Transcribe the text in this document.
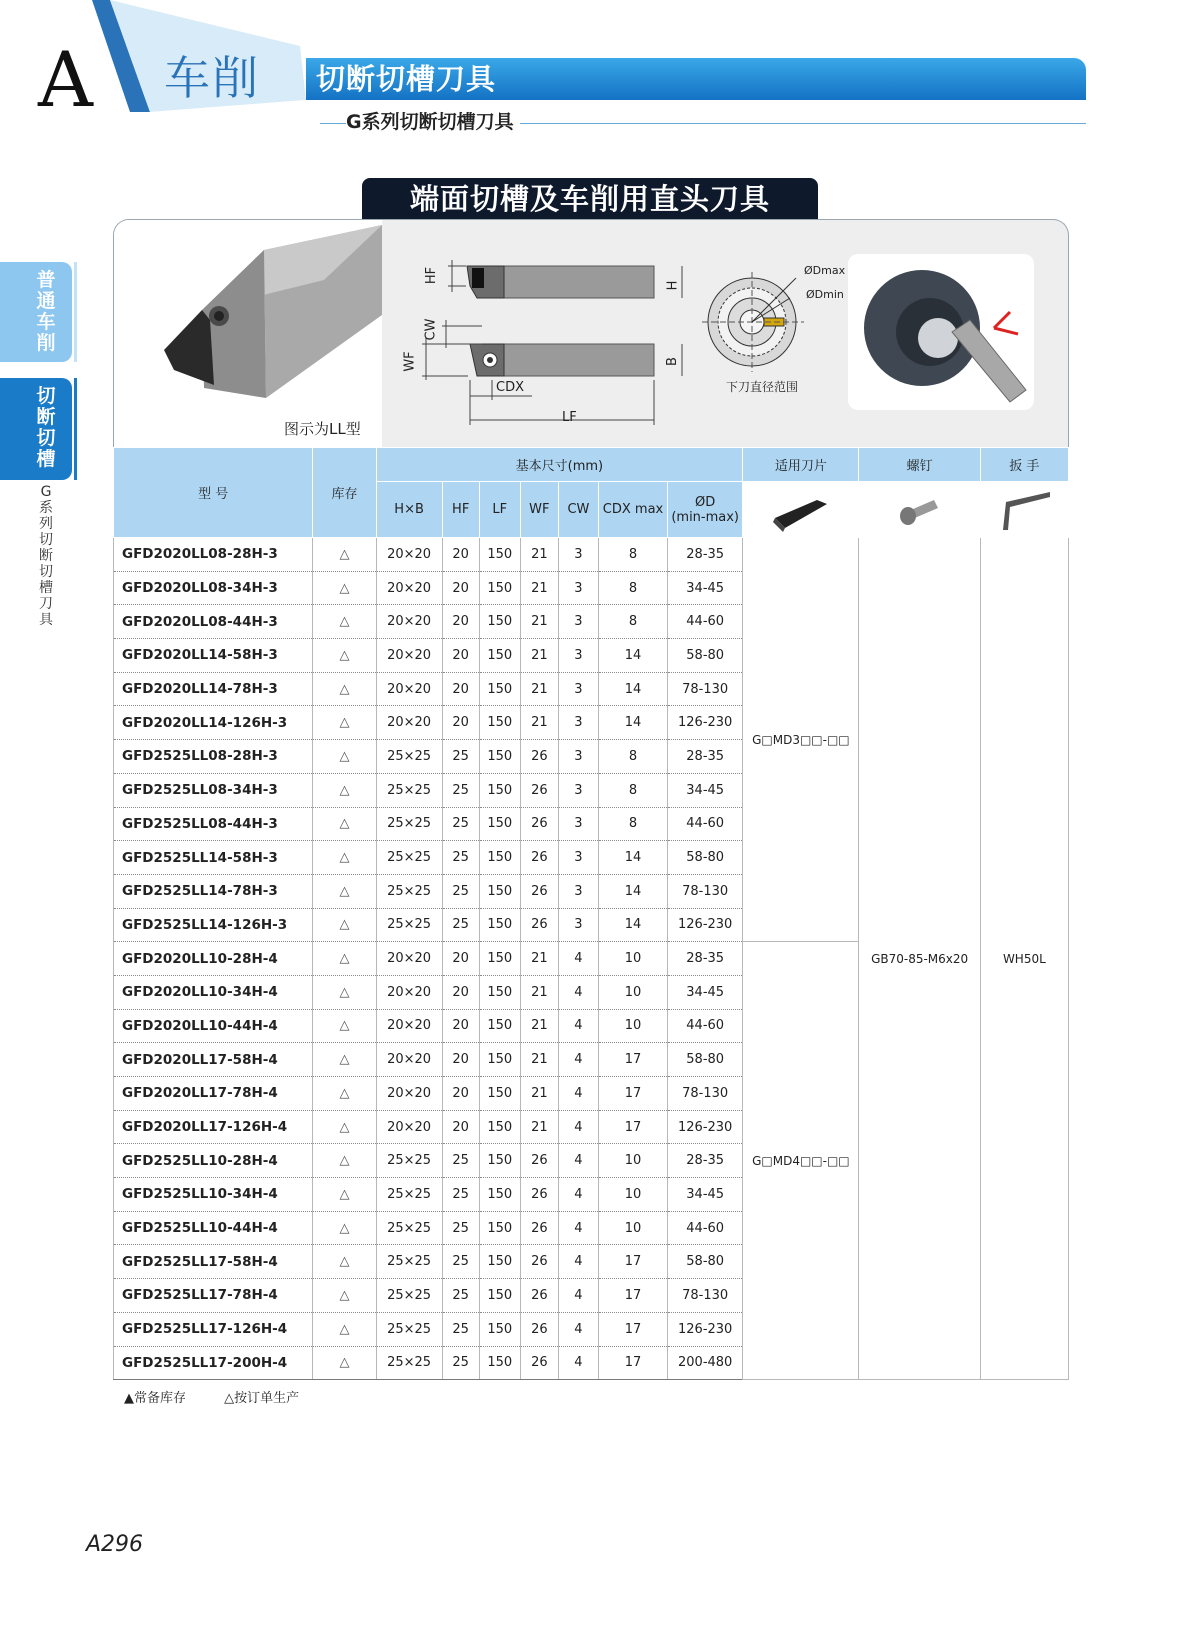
A 车削 切断切槽刀具
G系列切断切槽刀具
普通车削
切断切槽
G系列切断切槽刀具
端面切槽及车削用直头刀具
图示为LL型
HF
H
CW
WF	B
CDX
LF
ØDmax
ØDmin
下刀直径范围
型 号	库存	基本尺寸(mm)							适用刀片	螺钉	扳 手
		H×B	HF	LF	WF	CW	CDX max	ØD
(min-max)

GFD2020LL08-28H-3	△	20×20	20	150	21	3	8	28-35	G□MD3□□-□□	GB70-85-M6x20	WH50L
GFD2020LL08-34H-3	△	20×20	20	150	21	3	8	34-45			
GFD2020LL08-44H-3	△	20×20	20	150	21	3	8	44-60			
GFD2020LL14-58H-3	△	20×20	20	150	21	3	14	58-80			
GFD2020LL14-78H-3	△	20×20	20	150	21	3	14	78-130			
GFD2020LL14-126H-3	△	20×20	20	150	21	3	14	126-230			
GFD2525LL08-28H-3	△	25×25	25	150	26	3	8	28-35			
GFD2525LL08-34H-3	△	25×25	25	150	26	3	8	34-45			
GFD2525LL08-44H-3	△	25×25	25	150	26	3	8	44-60			
GFD2525LL14-58H-3	△	25×25	25	150	26	3	14	58-80			
GFD2525LL14-78H-3	△	25×25	25	150	26	3	14	78-130			
GFD2525LL14-126H-3	△	25×25	25	150	26	3	14	126-230			
GFD2020LL10-28H-4	△	20×20	20	150	21	4	10	28-35	G□MD4□□-□□		
GFD2020LL10-34H-4	△	20×20	20	150	21	4	10	34-45			
GFD2020LL10-44H-4	△	20×20	20	150	21	4	10	44-60			
GFD2020LL17-58H-4	△	20×20	20	150	21	4	17	58-80			
GFD2020LL17-78H-4	△	20×20	20	150	21	4	17	78-130			
GFD2020LL17-126H-4	△	20×20	20	150	21	4	17	126-230			
GFD2525LL10-28H-4	△	25×25	25	150	26	4	10	28-35			
GFD2525LL10-34H-4	△	25×25	25	150	26	4	10	34-45			
GFD2525LL10-44H-4	△	25×25	25	150	26	4	10	44-60			
GFD2525LL17-58H-4	△	25×25	25	150	26	4	17	58-80			
GFD2525LL17-78H-4	△	25×25	25	150	26	4	17	78-130			
GFD2525LL17-126H-4	△	25×25	25	150	26	4	17	126-230			
GFD2525LL17-200H-4	△	25×25	25	150	26	4	17	200-480			
▲常备库存	△按订单生产
A296
